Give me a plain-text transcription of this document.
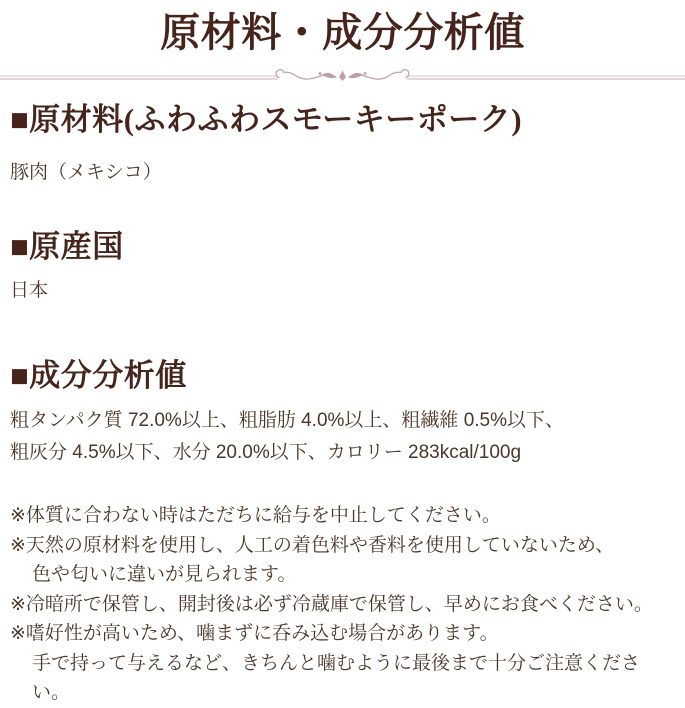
原材料・成分分析値
■原材料(ふわふわスモーキーポーク)

豚肉（メキシコ）

■原産国

日本

■成分分析値

粗タンパク質 72.0%以上、粗脂肪 4.0%以上、粗繊維 0.5%以下、

粗灰分 4.5%以下、水分 20.0%以下、カロリー 283kcal/100g

※体質に合わない時はただちに給与を中止してください。

※天然の原材料を使用し、人工の着色料や香料を使用していないため、

色や匂いに違いが見られます。

※冷暗所で保管し、開封後は必ず冷蔵庫で保管し、早めにお食べください。

※嗜好性が高いため、噛まずに呑み込む場合があります。

手で持って与えるなど、きちんと噛むように最後まで十分ご注意ください。
